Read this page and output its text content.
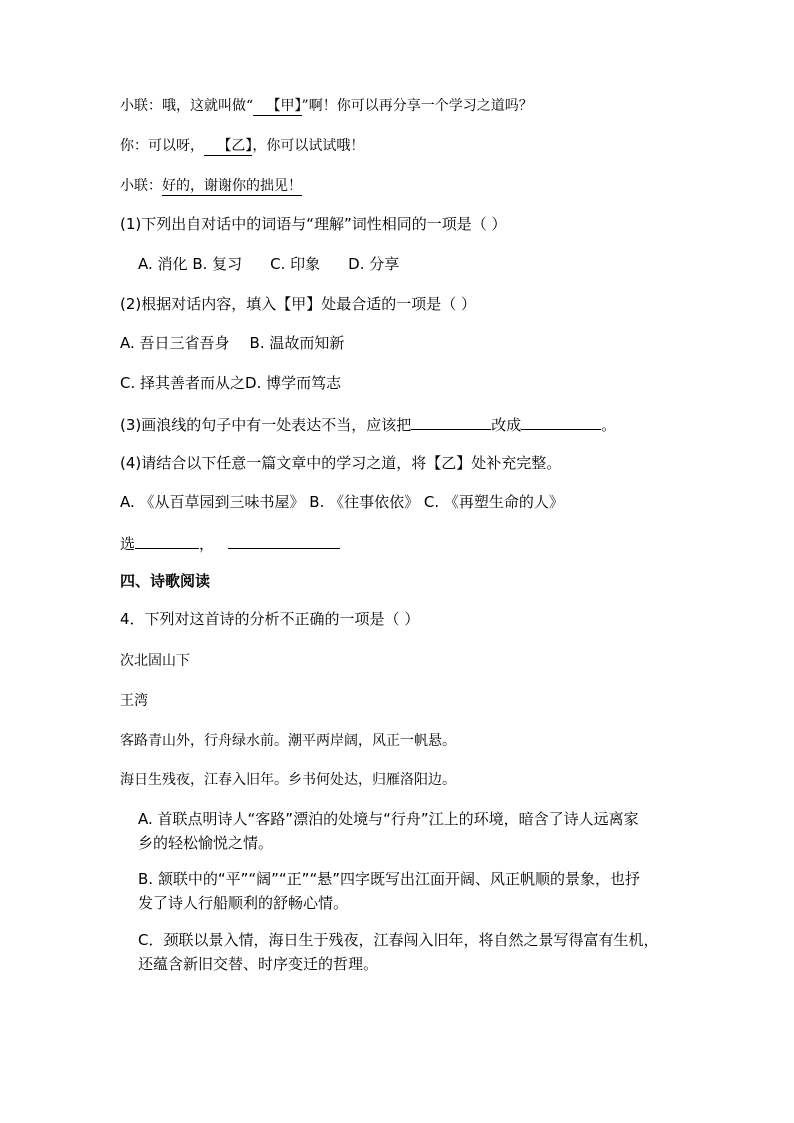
小联：哦，这就叫做“ 【甲】”啊！你可以再分享一个学习之道吗？
你：可以呀， 【乙】，你可以试试哦！
小联：好的，谢谢你的拙见！
(1)下列出自对话中的词语与“理解”词性相同的一项是（ ）
A. 消化 B. 复习 C. 印象 D. 分享
(2)根据对话内容，填入【甲】处最合适的一项是（ ）
A. 吾日三省吾身 B. 温故而知新
C. 择其善者而从之D. 博学而笃志
(3)画浪线的句子中有一处表达不当，应该把	改成	。
(4)请结合以下任意一篇文章中的学习之道，将【乙】处补充完整。
A. 《从百草园到三味书屋》 B. 《往事依依》 C. 《再塑生命的人》
选	，
四、诗歌阅读
4．下列对这首诗的分析不正确的一项是（ ）
次北固山下
王湾
客路青山外，行舟绿水前。潮平两岸阔，风正一帆悬。
海日生残夜，江春入旧年。乡书何处达，归雁洛阳边。
A. 首联点明诗人“客路”漂泊的处境与“行舟”江上的环境，暗含了诗人远离家
乡的轻松愉悦之情。
B. 颔联中的“平”“阔”“正”“悬”四字既写出江面开阔、风正帆顺的景象，也抒
发了诗人行船顺利的舒畅心情。
C．颈联以景入情，海日生于残夜，江春闯入旧年，将自然之景写得富有生机，
还蕴含新旧交替、时序变迁的哲理。
